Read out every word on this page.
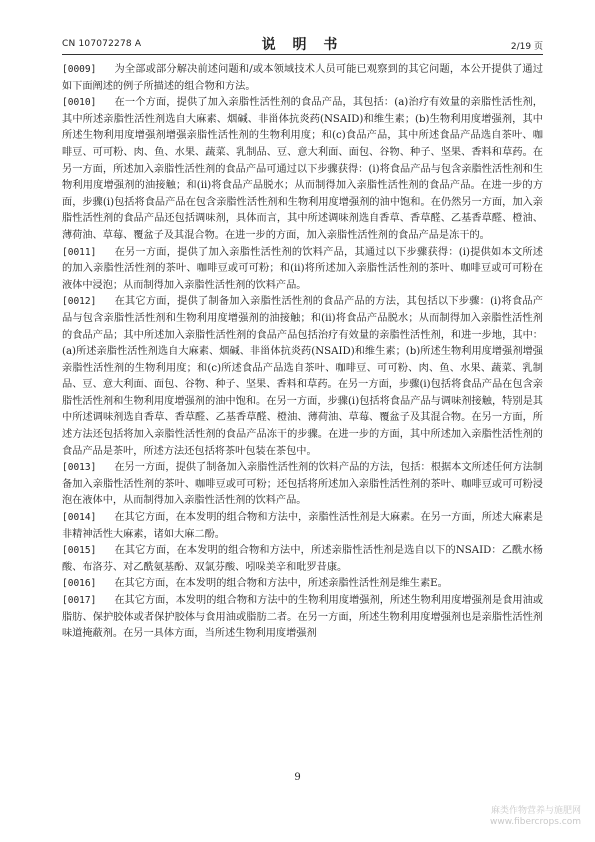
CN 107072278 A	说 明 书	2/19 页

[0009] 为全部或部分解决前述问题和/或本领域技术人员可能已观察到的其它问题，本公开提供了通过如下面阐述的例子所描述的组合物和方法。

[0010] 在一个方面，提供了加入亲脂性活性剂的食品产品，其包括：(a)治疗有效量的亲脂性活性剂，其中所述亲脂性活性剂选自大麻素、烟碱、非甾体抗炎药(NSAID)和维生素；(b)生物利用度增强剂，其中所述生物利用度增强剂增强亲脂性活性剂的生物利用度；和(c)食品产品，其中所述食品产品选自茶叶、咖啡豆、可可粉、肉、鱼、水果、蔬菜、乳制品、豆、意大利面、面包、谷物、种子、坚果、香料和草药。在另一方面，所述加入亲脂性活性剂的食品产品可通过以下步骤获得：(i)将食品产品与包含亲脂性活性剂和生物利用度增强剂的油接触；和(ii)将食品产品脱水；从而制得加入亲脂性活性剂的食品产品。在进一步的方面，步骤(i)包括将食品产品在包含亲脂性活性剂和生物利用度增强剂的油中饱和。在仍然另一方面，加入亲脂性活性剂的食品产品还包括调味剂，具体而言，其中所述调味剂选自香草、香草醛、乙基香草醛、橙油、薄荷油、草莓、覆盆子及其混合物。在进一步的方面，加入亲脂性活性剂的食品产品是冻干的。

[0011] 在另一方面，提供了加入亲脂性活性剂的饮料产品，其通过以下步骤获得：(i)提供如本文所述的加入亲脂性活性剂的茶叶、咖啡豆或可可粉；和(ii)将所述加入亲脂性活性剂的茶叶、咖啡豆或可可粉在液体中浸泡；从而制得加入亲脂性活性剂的饮料产品。

[0012] 在其它方面，提供了制备加入亲脂性活性剂的食品产品的方法，其包括以下步骤：(i)将食品产品与包含亲脂性活性剂和生物利用度增强剂的油接触；和(ii)将食品产品脱水；从而制得加入亲脂性活性剂的食品产品；其中所述加入亲脂性活性剂的食品产品包括治疗有效量的亲脂性活性剂，和进一步地，其中：(a)所述亲脂性活性剂选自大麻素、烟碱、非甾体抗炎药(NSAID)和维生素；(b)所述生物利用度增强剂增强亲脂性活性剂的生物利用度；和(c)所述食品产品选自茶叶、咖啡豆、可可粉、肉、鱼、水果、蔬菜、乳制品、豆、意大利面、面包、谷物、种子、坚果、香料和草药。在另一方面，步骤(i)包括将食品产品在包含亲脂性活性剂和生物利用度增强剂的油中饱和。在另一方面，步骤(i)包括将食品产品与调味剂接触，特别是其中所述调味剂选自香草、香草醛、乙基香草醛、橙油、薄荷油、草莓、覆盆子及其混合物。在另一方面，所述方法还包括将加入亲脂性活性剂的食品产品冻干的步骤。在进一步的方面，其中所述加入亲脂性活性剂的食品产品是茶叶，所述方法还包括将茶叶包装在茶包中。

[0013] 在另一方面，提供了制备加入亲脂性活性剂的饮料产品的方法，包括：根据本文所述任何方法制备加入亲脂性活性剂的茶叶、咖啡豆或可可粉；还包括将所述加入亲脂性活性剂的茶叶、咖啡豆或可可粉浸泡在液体中，从而制得加入亲脂性活性剂的饮料产品。

[0014] 在其它方面，在本发明的组合物和方法中，亲脂性活性剂是大麻素。在另一方面，所述大麻素是非精神活性大麻素，诸如大麻二酚。

[0015] 在其它方面，在本发明的组合物和方法中，所述亲脂性活性剂是选自以下的NSAID：乙酰水杨酸、布洛芬、对乙酰氨基酚、双氯芬酸、吲哚美辛和吡罗昔康。

[0016] 在其它方面，在本发明的组合物和方法中，所述亲脂性活性剂是维生素E。

[0017] 在其它方面，本发明的组合物和方法中的生物利用度增强剂，所述生物利用度增强剂是食用油或脂肪、保护胶体或者保护胶体与食用油或脂肪二者。在另一方面，所述生物利用度增强剂也是亲脂性活性剂味道掩蔽剂。在另一具体方面，当所述生物利用度增强剂

9
麻类作物营养与施肥网
www.fibercrops.com
